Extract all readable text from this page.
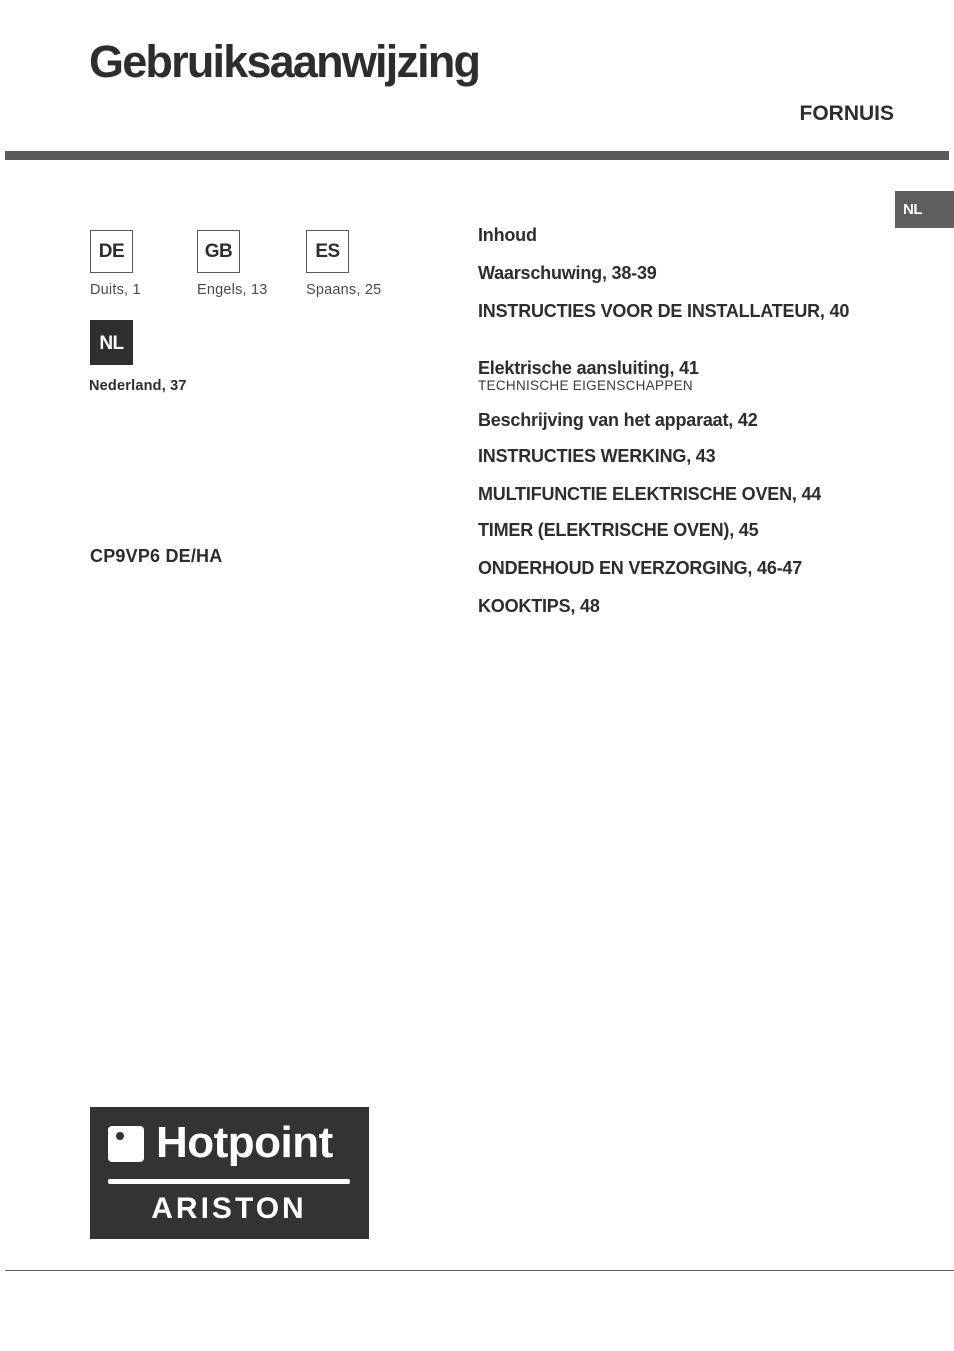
Gebruiksaanwijzing
FORNUIS
NL
DE
Duits, 1
GB
Engels, 13
ES
Spaans, 25
NL
Nederland, 37
CP9VP6 DE/HA
Inhoud
Waarschuwing, 38-39
INSTRUCTIES VOOR DE INSTALLATEUR, 40
Elektrische aansluiting, 41
TECHNISCHE EIGENSCHAPPEN
Beschrijving van het apparaat, 42
INSTRUCTIES WERKING, 43
MULTIFUNCTIE ELEKTRISCHE OVEN, 44
TIMER (ELEKTRISCHE OVEN), 45
ONDERHOUD EN VERZORGING, 46-47
KOOKTIPS, 48
Hotpoint
ARISTON
